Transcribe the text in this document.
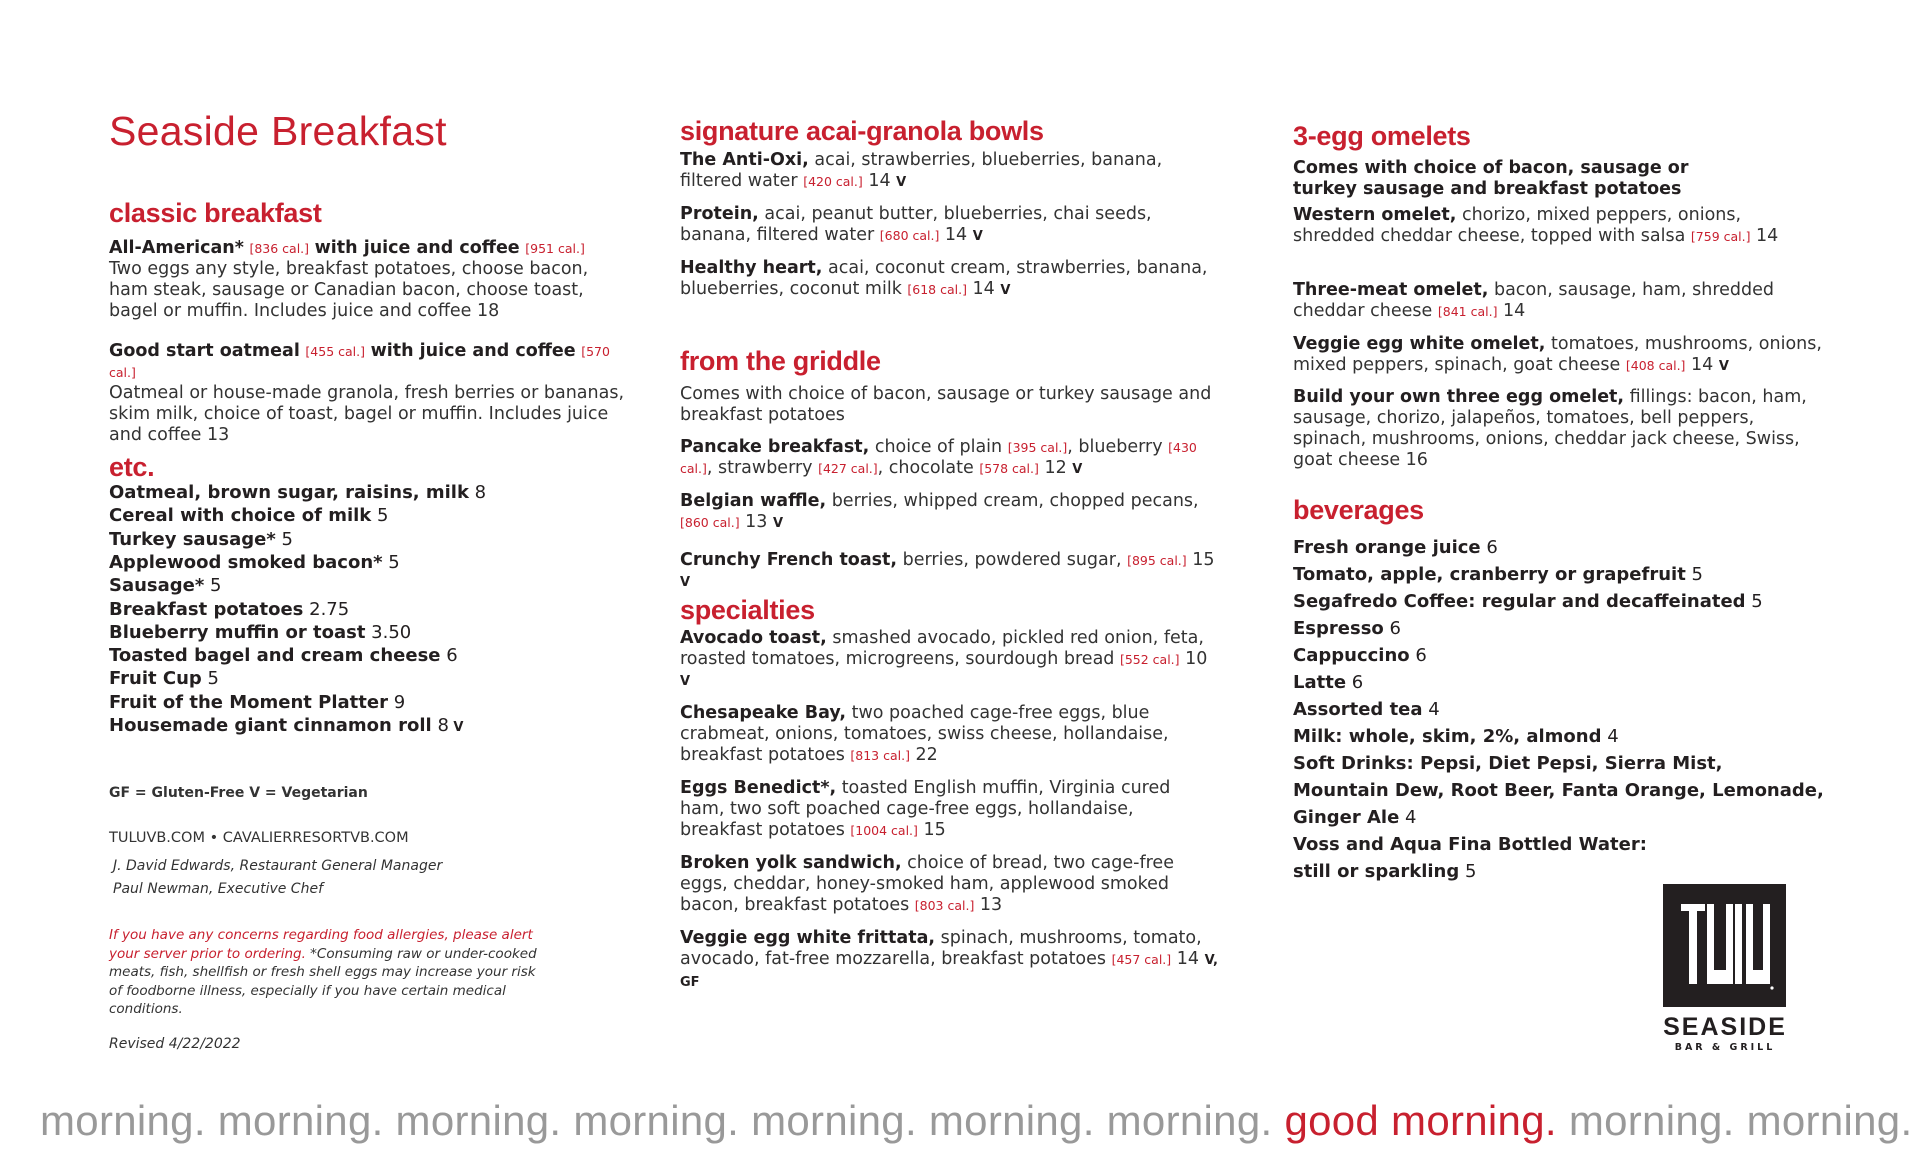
Seaside Breakfast
classic breakfast
All-American* [836 cal.] with juice and coffee [951 cal.]
Two eggs any style, breakfast potatoes, choose bacon, ham steak, sausage or Canadian bacon, choose toast, bagel or muffin. Includes juice and coffee 18
Good start oatmeal [455 cal.] with juice and coffee [570 cal.]
Oatmeal or house-made granola, fresh berries or bananas, skim milk, choice of toast, bagel or muffin. Includes juice and coffee 13
etc.
Oatmeal, brown sugar, raisins, milk 8
Cereal with choice of milk 5
Turkey sausage* 5
Applewood smoked bacon* 5
Sausage* 5
Breakfast potatoes 2.75
Blueberry muffin or toast 3.50
Toasted bagel and cream cheese 6
Fruit Cup 5
Fruit of the Moment Platter 9
Housemade giant cinnamon roll 8 V
GF = Gluten-Free V = Vegetarian
TULUVB.COM • CAVALIERRESORTVB.COM
J. David Edwards, Restaurant General Manager
Paul Newman, Executive Chef
If you have any concerns regarding food allergies, please alert your server prior to ordering. *Consuming raw or under-cooked meats, fish, shellfish or fresh shell eggs may increase your risk of foodborne illness, especially if you have certain medical conditions.
Revised 4/22/2022
signature acai-granola bowls
The Anti-Oxi, acai, strawberries, blueberries, banana, filtered water [420 cal.] 14 V
Protein, acai, peanut butter, blueberries, chai seeds, banana, filtered water [680 cal.] 14 V
Healthy heart, acai, coconut cream, strawberries, banana, blueberries, coconut milk [618 cal.] 14 V
from the griddle
Comes with choice of bacon, sausage or turkey sausage and breakfast potatoes
Pancake breakfast, choice of plain [395 cal.], blueberry [430 cal.], strawberry [427 cal.], chocolate [578 cal.] 12 V
Belgian waffle, berries, whipped cream, chopped pecans, [860 cal.] 13 V
Crunchy French toast, berries, powdered sugar, [895 cal.] 15 V
specialties
Avocado toast, smashed avocado, pickled red onion, feta, roasted tomatoes, microgreens, sourdough bread [552 cal.] 10 V
Chesapeake Bay, two poached cage-free eggs, blue crabmeat, onions, tomatoes, swiss cheese, hollandaise, breakfast potatoes [813 cal.] 22
Eggs Benedict*, toasted English muffin, Virginia cured ham, two soft poached cage-free eggs, hollandaise, breakfast potatoes [1004 cal.] 15
Broken yolk sandwich, choice of bread, two cage-free eggs, cheddar, honey-smoked ham, applewood smoked bacon, breakfast potatoes [803 cal.] 13
Veggie egg white frittata, spinach, mushrooms, tomato, avocado, fat-free mozzarella, breakfast potatoes [457 cal.] 14 V, GF
3-egg omelets
Comes with choice of bacon, sausage or turkey sausage and breakfast potatoes
Western omelet, chorizo, mixed peppers, onions, shredded cheddar cheese, topped with salsa [759 cal.] 14
Three-meat omelet, bacon, sausage, ham, shredded cheddar cheese [841 cal.] 14
Veggie egg white omelet, tomatoes, mushrooms, onions, mixed peppers, spinach, goat cheese [408 cal.] 14 V
Build your own three egg omelet, fillings: bacon, ham, sausage, chorizo, jalapeños, tomatoes, bell peppers, spinach, mushrooms, onions, cheddar jack cheese, Swiss, goat cheese 16
beverages
Fresh orange juice 6
Tomato, apple, cranberry or grapefruit 5
Segafredo Coffee: regular and decaffeinated 5
Espresso 6
Cappuccino 6
Latte 6
Assorted tea 4
Milk: whole, skim, 2%, almond 4
Soft Drinks: Pepsi, Diet Pepsi, Sierra Mist,
Mountain Dew, Root Beer, Fanta Orange, Lemonade,
Ginger Ale 4
Voss and Aqua Fina Bottled Water:
still or sparkling 5
SEASIDE
BAR & GRILL
morning. morning. morning. morning. morning. morning. morning. good morning. morning. morning.
